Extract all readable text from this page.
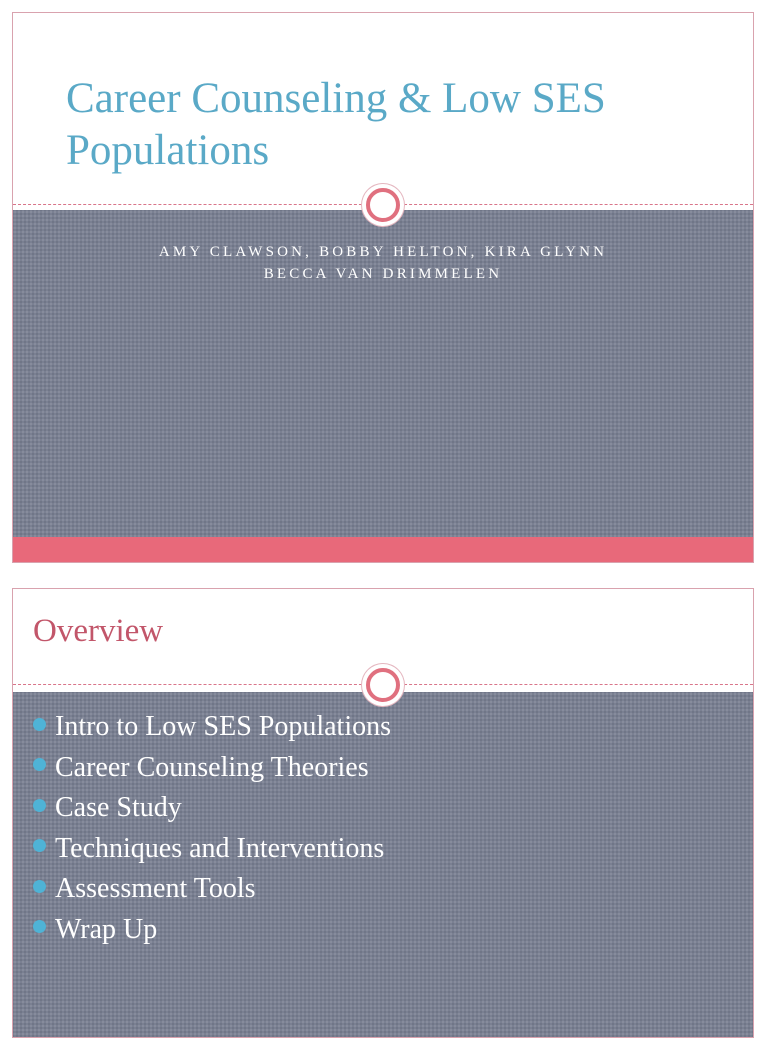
Career Counseling & Low SES Populations
AMY CLAWSON, BOBBY HELTON, KIRA GLYNN
BECCA VAN DRIMMELEN
Overview
Intro to Low SES Populations
Career Counseling Theories
Case Study
Techniques and Interventions
Assessment Tools
Wrap Up
